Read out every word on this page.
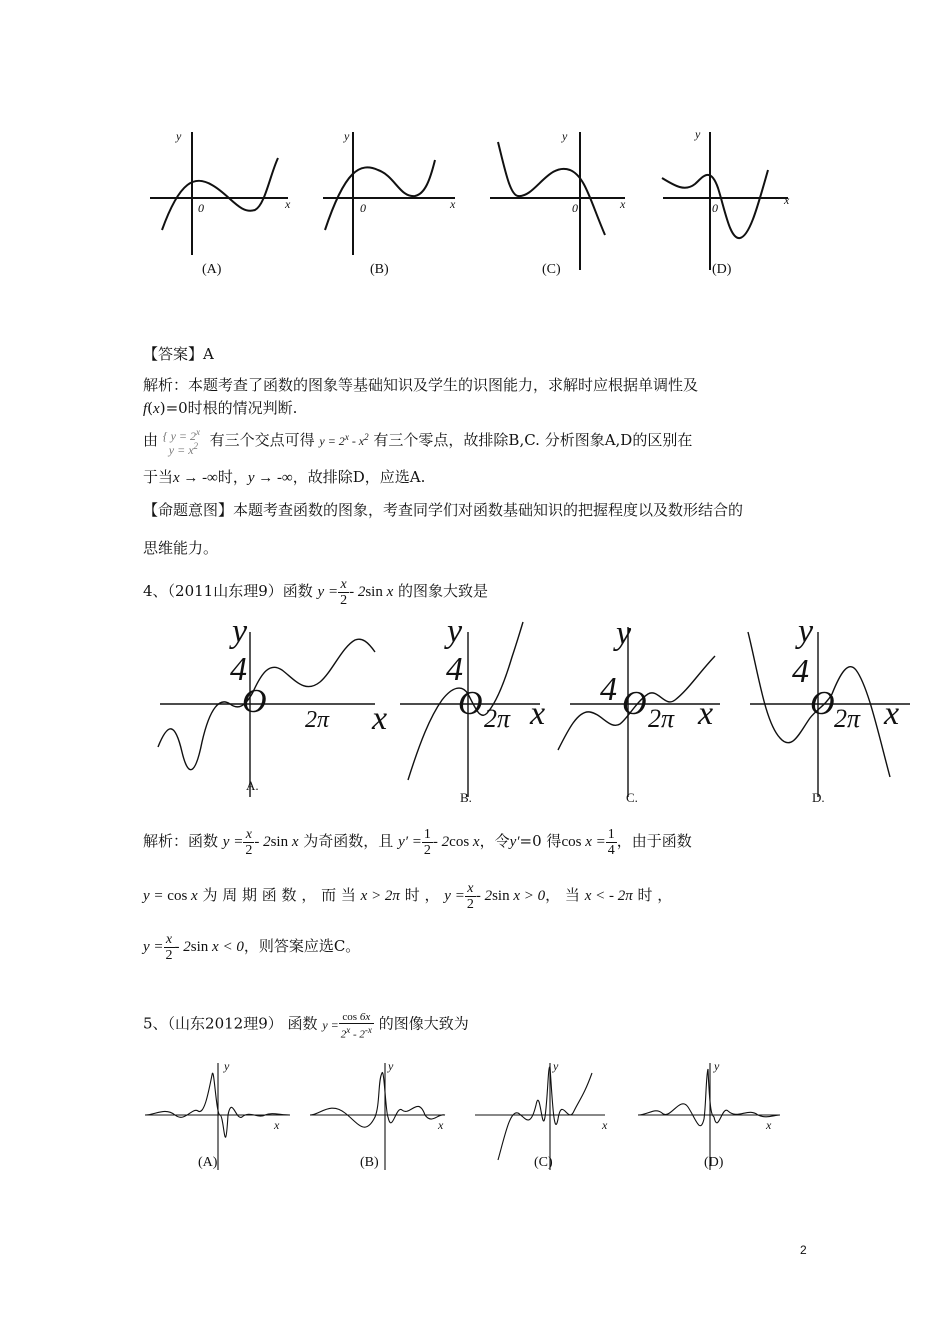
y
x
0
y
x
0
y
x
0
y
x
0
(A)	(B)	(C)	(D)
【答案】A
解析：本题考查了函数的图象等基础知识及学生的识图能力，求解时应根据单调性及
f(x)=0时根的情况判断.
由 { $y = 2^x$
$y = x^2$ 有三个交点可得 $y = 2^x - x^2$ 有三个零点，故排除B,C. 分析图象A,D的区别在
于当x → -∞时，y → -∞，故排除D，应选A.
【命题意图】本题考查函数的图象，考查同学们对函数基础知识的把握程度以及数形结合的
思维能力。
4、（2011山东理9）函数 $y = \frac{x}{2} - 2\sin$ x 的图象大致是
y
4
O 2π x
y
4
O 2π x
y
4 O 2π x
y
4
O 2π x
A.
B.	C.	D.
解析：函数 $y = \frac{x}{2} - 2\sin$ x 为奇函数，且 $y' = \frac{1}{2} - 2\cos$ x，令y′=0 得$\cos x = \frac{1}{4}$ ，由于函数
y = cos x 为 周 期 函 数 ， 而 当 x > 2π 时 ， $y = \frac{x}{2} - 2\sin$ x > 0， 当 x < - 2π 时 ，
$y = \frac{x}{2} - 2\sin$ x < 0，则答案应选C。
5、（山东2012理9） 函数 $y = \frac{\cos 6x}{2^x - 2^{-x}}$ 的图像大致为
y
x
y
x
y
x
y
x
(A)	(B)	(C)	(D)
2
